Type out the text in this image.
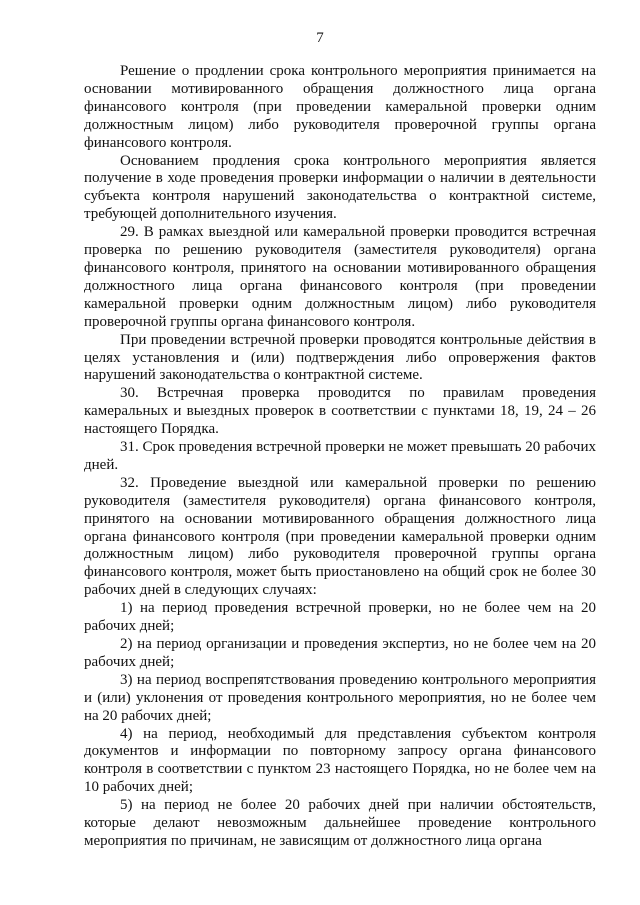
7

Решение о продлении срока контрольного мероприятия принимается на основании мотивированного обращения должностного лица органа финансового контроля (при проведении камеральной проверки одним должностным лицом) либо руководителя проверочной группы органа финансового контроля.

Основанием продления срока контрольного мероприятия является получение в ходе проведения проверки информации о наличии в деятельности субъекта контроля нарушений законодательства о контрактной системе, требующей дополнительного изучения.

29. В рамках выездной или камеральной проверки проводится встречная проверка по решению руководителя (заместителя руководителя) органа финансового контроля, принятого на основании мотивированного обращения должностного лица органа финансового контроля (при проведении камеральной проверки одним должностным лицом) либо руководителя проверочной группы органа финансового контроля.

При проведении встречной проверки проводятся контрольные действия в целях установления и (или) подтверждения либо опровержения фактов нарушений законодательства о контрактной системе.

30. Встречная проверка проводится по правилам проведения камеральных и выездных проверок в соответствии с пунктами 18, 19, 24 – 26 настоящего Порядка.

31. Срок проведения встречной проверки не может превышать 20 рабочих дней.

32. Проведение выездной или камеральной проверки по решению руководителя (заместителя руководителя) органа финансового контроля, принятого на основании мотивированного обращения должностного лица органа финансового контроля (при проведении камеральной проверки одним должностным лицом) либо руководителя проверочной группы органа финансового контроля, может быть приостановлено на общий срок не более 30 рабочих дней в следующих случаях:

1) на период проведения встречной проверки, но не более чем на 20 рабочих дней;

2) на период организации и проведения экспертиз, но не более чем на 20 рабочих дней;

3) на период воспрепятствования проведению контрольного мероприятия и (или) уклонения от проведения контрольного мероприятия, но не более чем на 20 рабочих дней;

4) на период, необходимый для представления субъектом контроля документов и информации по повторному запросу органа финансового контроля в соответствии с пунктом 23 настоящего Порядка, но не более чем на 10 рабочих дней;

5) на период не более 20 рабочих дней при наличии обстоятельств, которые делают невозможным дальнейшее проведение контрольного мероприятия по причинам, не зависящим от должностного лица органа
